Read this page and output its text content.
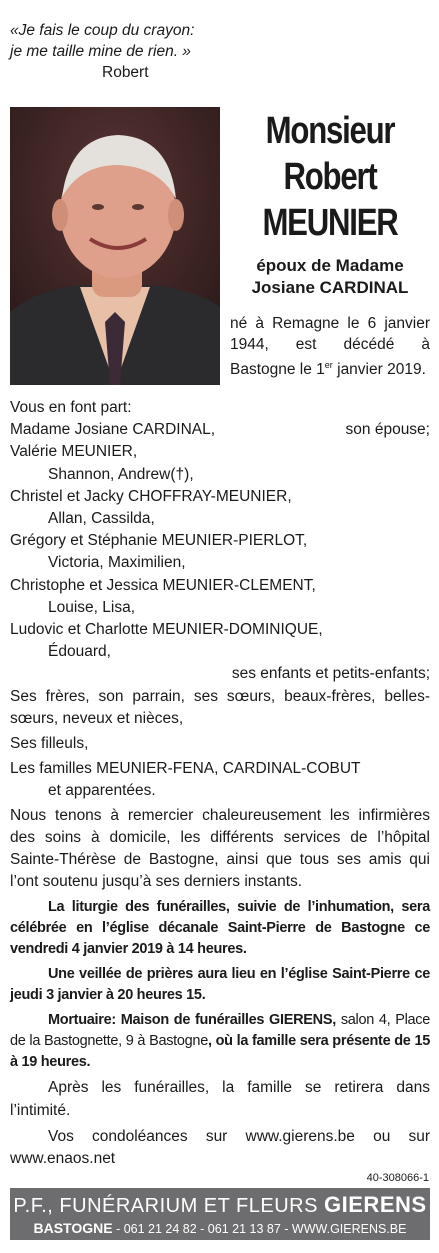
«Je fais le coup du crayon:
je me taille mine de rien. »
Robert
Monsieur
Robert
MEUNIER
époux de Madame
Josiane CARDINAL
né à Remagne le 6 janvier 1944, est décédé à Bastogne le 1er janvier 2019.
Vous en font part:
Madame Josiane CARDINAL,	son épouse;
Valérie MEUNIER,
Shannon, Andrew(†),
Christel et Jacky CHOFFRAY-MEUNIER,
Allan, Cassilda,
Grégory et Stéphanie MEUNIER-PIERLOT,
Victoria, Maximilien,
Christophe et Jessica MEUNIER-CLEMENT,
Louise, Lisa,
Ludovic et Charlotte MEUNIER-DOMINIQUE,
Édouard,
ses enfants et petits-enfants;
Ses frères, son parrain, ses sœurs, beaux-frères, belles-sœurs, neveux et nièces,
Ses filleuls,
Les familles MEUNIER-FENA, CARDINAL-COBUT
et apparentées.
Nous tenons à remercier chaleureusement les infirmières des soins à domicile, les différents services de l’hôpital Sainte-Thérèse de Bastogne, ainsi que tous ses amis qui l’ont soutenu jusqu’à ses derniers instants.
La liturgie des funérailles, suivie de l’inhumation, sera célébrée en l’église décanale Saint-Pierre de Bastogne ce vendredi 4 janvier 2019 à 14 heures.
Une veillée de prières aura lieu en l’église Saint-Pierre ce jeudi 3 janvier à 20 heures 15.
Mortuaire: Maison de funérailles GIERENS, salon 4, Place de la Bastognette, 9 à Bastogne, où la famille sera présente de 15 à 19 heures.
Après les funérailles, la famille se retirera dans l’intimité.
Vos condoléances sur www.gierens.be ou sur www.enaos.net
40-308066-1
P.F., FUNÉRARIUM ET FLEURS GIERENS
BASTOGNE - 061 21 24 82 - 061 21 13 87 - WWW.GIERENS.BE
